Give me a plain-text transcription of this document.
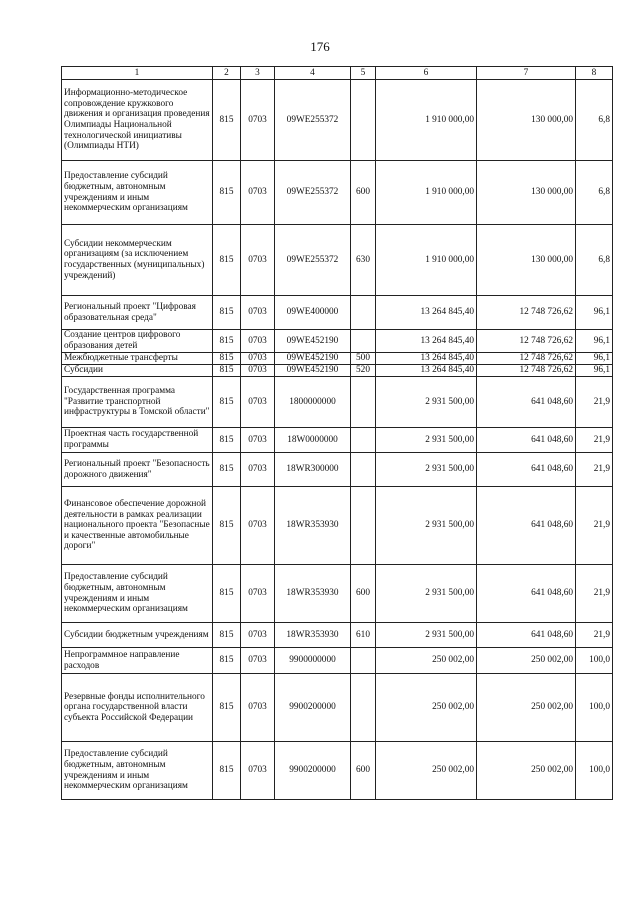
176
1	2	3	4	5	6	7	8
Информационно-методическое сопровождение кружкового движения и организация проведения Олимпиады Национальной технологической инициативы (Олимпиады НТИ)	815	0703	09WE255372		1 910 000,00	130 000,00	6,8
Предоставление субсидий бюджетным, автономным учреждениям и иным некоммерческим организациям	815	0703	09WE255372	600	1 910 000,00	130 000,00	6,8
Субсидии некоммерческим организациям (за исключением государственных (муниципальных) учреждений)	815	0703	09WE255372	630	1 910 000,00	130 000,00	6,8
Региональный проект "Цифровая образовательная среда"	815	0703	09WE400000		13 264 845,40	12 748 726,62	96,1
Создание центров цифрового образования детей	815	0703	09WE452190		13 264 845,40	12 748 726,62	96,1
Межбюджетные трансферты	815	0703	09WE452190	500	13 264 845,40	12 748 726,62	96,1
Субсидии	815	0703	09WE452190	520	13 264 845,40	12 748 726,62	96,1
Государственная программа "Развитие транспортной инфраструктуры в Томской области"	815	0703	1800000000		2 931 500,00	641 048,60	21,9
Проектная часть государственной программы	815	0703	18W0000000		2 931 500,00	641 048,60	21,9
Региональный проект "Безопасность дорожного движения"	815	0703	18WR300000		2 931 500,00	641 048,60	21,9
Финансовое обеспечение дорожной деятельности в рамках реализации национального проекта "Безопасные и качественные автомобильные дороги"	815	0703	18WR353930		2 931 500,00	641 048,60	21,9
Предоставление субсидий бюджетным, автономным учреждениям и иным некоммерческим организациям	815	0703	18WR353930	600	2 931 500,00	641 048,60	21,9
Субсидии бюджетным учреждениям	815	0703	18WR353930	610	2 931 500,00	641 048,60	21,9
Непрограммное направление расходов	815	0703	9900000000		250 002,00	250 002,00	100,0
Резервные фонды исполнительного органа государственной власти субъекта Российской Федерации	815	0703	9900200000		250 002,00	250 002,00	100,0
Предоставление субсидий бюджетным, автономным учреждениям и иным некоммерческим организациям	815	0703	9900200000	600	250 002,00	250 002,00	100,0
